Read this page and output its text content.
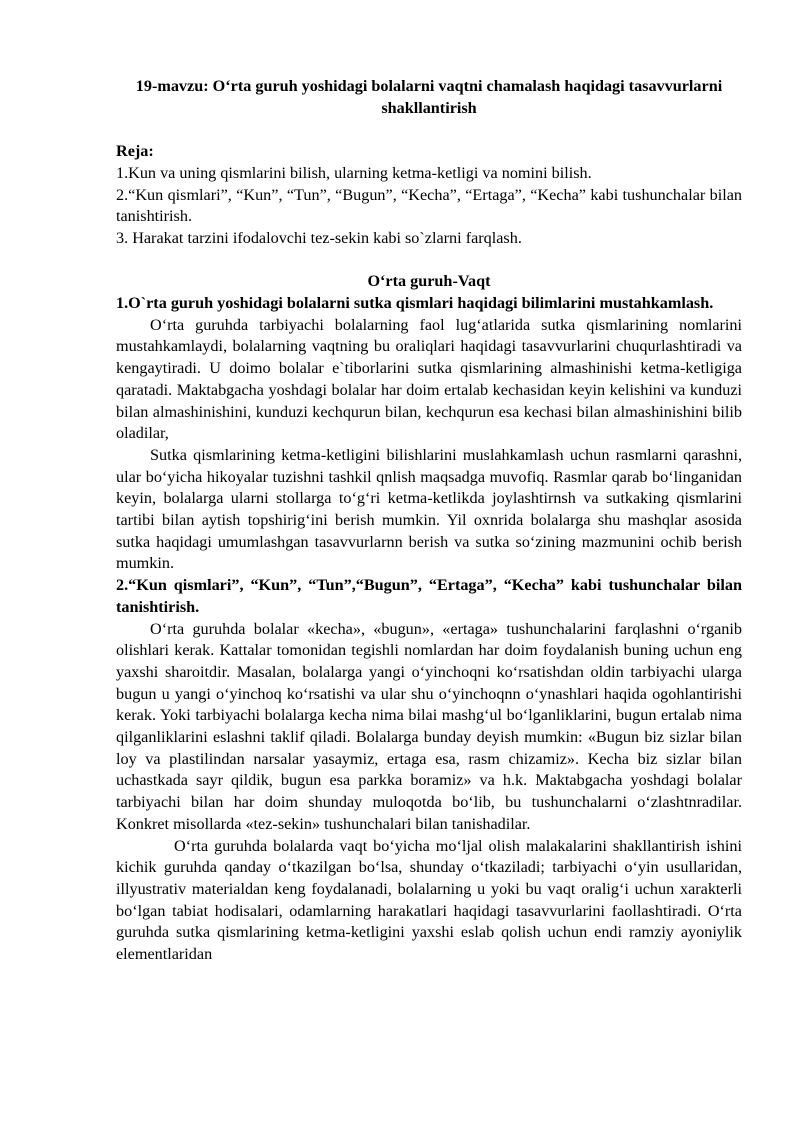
19-mavzu: O‘rta guruh yoshidagi bolalarni vaqtni chamalash haqidagi tasavvurlarni shakllantirish

Reja:

1.Kun va uning qismlarini bilish, ularning ketma-ketligi va nomini bilish.

2.“Kun qismlari”, “Kun”, “Tun”, “Bugun”, “Kecha”, “Ertaga”, “Kecha” kabi tushunchalar bilan tanishtirish.

3. Harakat tarzini ifodalovchi tez-sekin kabi so`zlarni farqlash.

O‘rta guruh-Vaqt

1.O`rta guruh yoshidagi bolalarni sutka qismlari haqidagi bilimlarini mustahkamlash.

O‘rta guruhda tarbiyachi bolalarning faol lug‘atlarida sutka qismlarining nomlarini mustahkamlaydi, bolalarning vaqtning bu oraliqlari haqidagi tasavvurlarini chuqurlashtiradi va kengaytiradi. U doimo bolalar e`tiborlarini sutka qismlarining almashinishi ketma-ketligiga qaratadi. Maktabgacha yoshdagi bolalar har doim ertalab kechasidan keyin kelishini va kunduzi bilan almashinishini, kunduzi kechqurun bilan, kechqurun esa kechasi bilan almashinishini bilib oladilar,

Sutka qismlarining ketma-ketligini bilishlarini muslahkamlash uchun rasmlarni qarashni, ular bo‘yicha hikoyalar tuzishni tashkil qnlish maqsadga muvofiq. Rasmlar qarab bo‘linganidan keyin, bolalarga ularni stollarga to‘g‘ri ketma-ketlikda joylashtirnsh va sutkaking qismlarini tartibi bilan aytish topshirig‘ini berish mumkin. Yil oxnrida bolalarga shu mashqlar asosida sutka haqidagi umumlashgan tasavvurlarnn berish va sutka so‘zining mazmunini ochib berish mumkin.

2.“Kun qismlari”, “Kun”, “Tun”,“Bugun”, “Ertaga”, “Kecha” kabi tushunchalar bilan tanishtirish.

O‘rta guruhda bolalar «kecha», «bugun», «ertaga» tushunchalarini farqlashni o‘rganib olishlari kerak. Kattalar tomonidan tegishli nomlardan har doim foydalanish buning uchun eng yaxshi sharoitdir. Masalan, bolalarga yangi o‘yinchoqni ko‘rsatishdan oldin tarbiyachi ularga bugun u yangi o‘yinchoq ko‘rsatishi va ular shu o‘yinchoqnn o‘ynashlari haqida ogohlantirishi kerak. Yoki tarbiyachi bolalarga kecha nima bilai mashg‘ul bo‘lganliklarini, bugun ertalab nima qilganliklarini eslashni taklif qiladi. Bolalarga bunday deyish mumkin: «Bugun biz sizlar bilan loy va plastilindan narsalar yasaymiz, ertaga esa, rasm chizamiz». Kecha biz sizlar bilan uchastkada sayr qildik, bugun esa parkka boramiz» va h.k. Maktabgacha yoshdagi bolalar tarbiyachi bilan har doim shunday muloqotda bo‘lib, bu tushunchalarni o‘zlashtnradilar. Konkret misollarda «tez-sekin» tushunchalari bilan tanishadilar.

O‘rta guruhda bolalarda vaqt bo‘yicha mo‘ljal olish malakalarini shakllantirish ishini kichik guruhda qanday o‘tkazilgan bo‘lsa, shunday o‘tkaziladi; tarbiyachi o‘yin usullaridan, illyustrativ materialdan keng foydalanadi, bolalarning u yoki bu vaqt oralig‘i uchun xarakterli bo‘lgan tabiat hodisalari, odamlarning harakatlari haqidagi tasavvurlarini faollashtiradi. O‘rta guruhda sutka qismlarining ketma-ketligini yaxshi eslab qolish uchun endi ramziy ayoniylik elementlaridan
